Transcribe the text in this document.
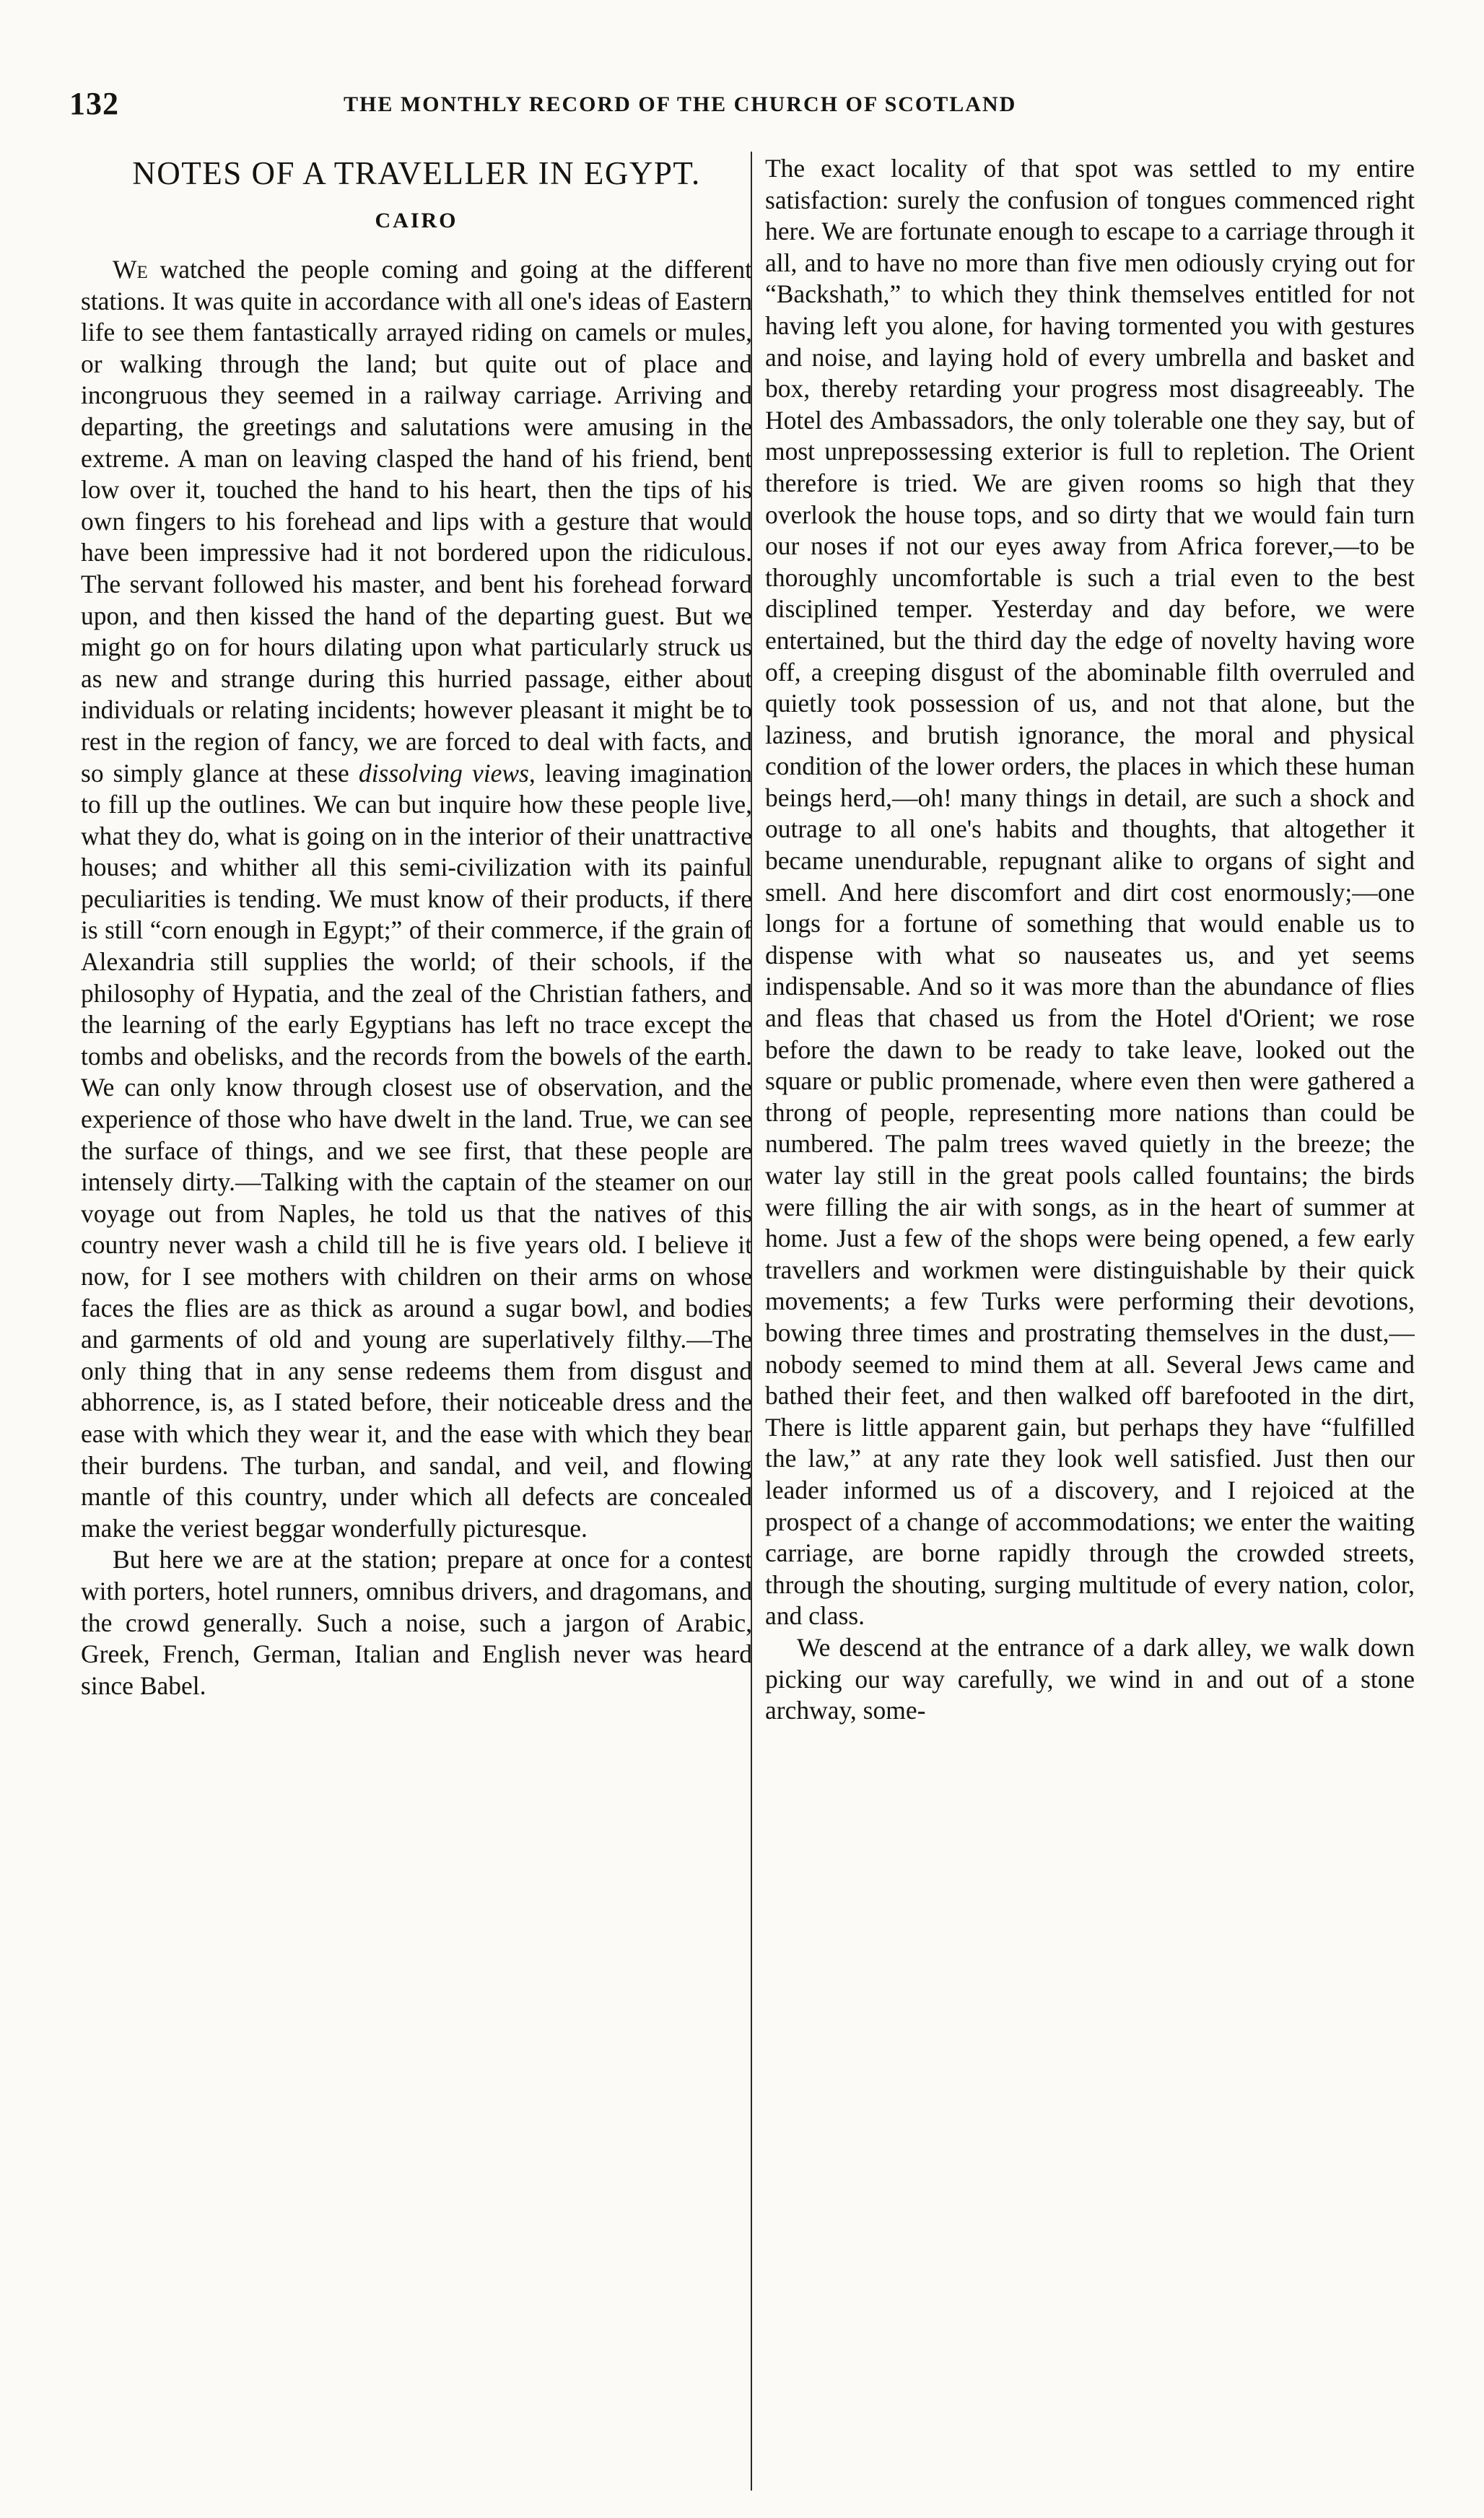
132	THE MONTHLY RECORD OF THE CHURCH OF SCOTLAND
NOTES OF A TRAVELLER IN EGYPT.
CAIRO

We watched the people coming and going at the different stations. It was quite in accordance with all one's ideas of Eastern life to see them fantastically arrayed riding on camels or mules, or walking through the land; but quite out of place and incongruous they seemed in a railway carriage. Arriving and departing, the greetings and salutations were amusing in the extreme. A man on leaving clasped the hand of his friend, bent low over it, touched the hand to his heart, then the tips of his own fingers to his forehead and lips with a gesture that would have been impressive had it not bordered upon the ridiculous. The servant followed his master, and bent his forehead forward upon, and then kissed the hand of the departing guest. But we might go on for hours dilating upon what particularly struck us as new and strange during this hurried passage, either about individuals or relating incidents; however pleasant it might be to rest in the region of fancy, we are forced to deal with facts, and so simply glance at these dissolving views, leaving imagination to fill up the outlines. We can but inquire how these people live, what they do, what is going on in the interior of their unattractive houses; and whither all this semi-civilization with its painful peculiarities is tending. We must know of their products, if there is still “corn enough in Egypt;” of their commerce, if the grain of Alexandria still supplies the world; of their schools, if the philosophy of Hypatia, and the zeal of the Christian fathers, and the learning of the early Egyptians has left no trace except the tombs and obelisks, and the records from the bowels of the earth. We can only know through closest use of observation, and the experience of those who have dwelt in the land. True, we can see the surface of things, and we see first, that these people are intensely dirty.—Talking with the captain of the steamer on our voyage out from Naples, he told us that the natives of this country never wash a child till he is five years old. I believe it now, for I see mothers with children on their arms on whose faces the flies are as thick as around a sugar bowl, and bodies and garments of old and young are superlatively filthy.—The only thing that in any sense redeems them from disgust and abhorrence, is, as I stated before, their noticeable dress and the ease with which they wear it, and the ease with which they bear their burdens. The turban, and sandal, and veil, and flowing mantle of this country, under which all defects are concealed make the veriest beggar wonderfully picturesque.

But here we are at the station; prepare at once for a contest with porters, hotel runners, omnibus drivers, and dragomans, and the crowd generally. Such a noise, such a jargon of Arabic, Greek, French, German, Italian and English never was heard since Babel.

The exact locality of that spot was settled to my entire satisfaction: surely the confusion of tongues commenced right here. We are fortunate enough to escape to a carriage through it all, and to have no more than five men odiously crying out for “Backshath,” to which they think themselves entitled for not having left you alone, for having tormented you with gestures and noise, and laying hold of every umbrella and basket and box, thereby retarding your progress most disagreeably. The Hotel des Ambassadors, the only tolerable one they say, but of most unprepossessing exterior is full to repletion. The Orient therefore is tried. We are given rooms so high that they overlook the house tops, and so dirty that we would fain turn our noses if not our eyes away from Africa forever,—to be thoroughly uncomfortable is such a trial even to the best disciplined temper. Yesterday and day before, we were entertained, but the third day the edge of novelty having wore off, a creeping disgust of the abominable filth overruled and quietly took possession of us, and not that alone, but the laziness, and brutish ignorance, the moral and physical condition of the lower orders, the places in which these human beings herd,—oh! many things in detail, are such a shock and outrage to all one's habits and thoughts, that altogether it became unendurable, repugnant alike to organs of sight and smell. And here discomfort and dirt cost enormously;—one longs for a fortune of something that would enable us to dispense with what so nauseates us, and yet seems indispensable. And so it was more than the abundance of flies and fleas that chased us from the Hotel d'Orient; we rose before the dawn to be ready to take leave, looked out the square or public promenade, where even then were gathered a throng of people, representing more nations than could be numbered. The palm trees waved quietly in the breeze; the water lay still in the great pools called fountains; the birds were filling the air with songs, as in the heart of summer at home. Just a few of the shops were being opened, a few early travellers and workmen were distinguishable by their quick movements; a few Turks were performing their devotions, bowing three times and prostrating themselves in the dust,—nobody seemed to mind them at all. Several Jews came and bathed their feet, and then walked off barefooted in the dirt, There is little apparent gain, but perhaps they have “fulfilled the law,” at any rate they look well satisfied. Just then our leader informed us of a discovery, and I rejoiced at the prospect of a change of accommodations; we enter the waiting carriage, are borne rapidly through the crowded streets, through the shouting, surging multitude of every nation, color, and class.

We descend at the entrance of a dark alley, we walk down picking our way carefully, we wind in and out of a stone archway, some-
